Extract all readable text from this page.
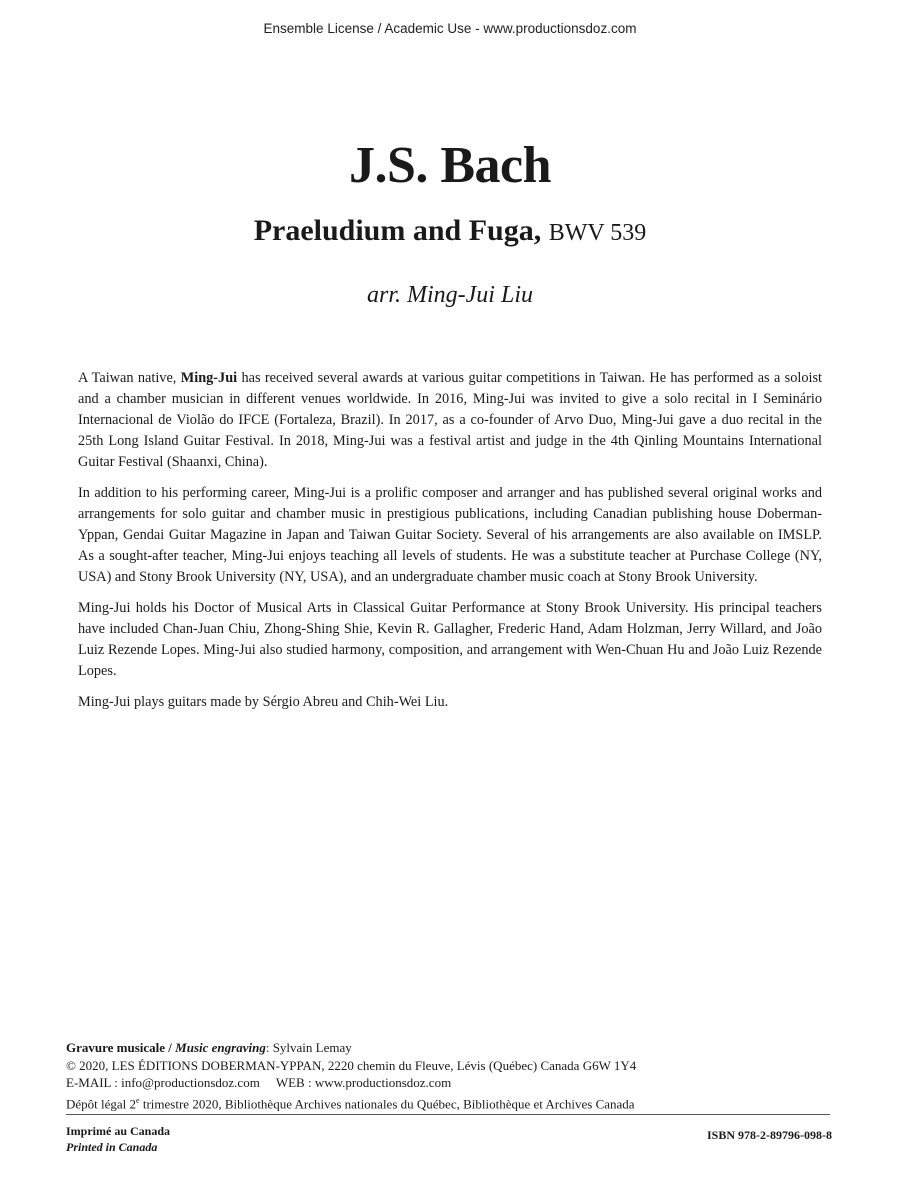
Ensemble License / Academic Use - www.productionsdoz.com
J.S. Bach
Praeludium and Fuga, BWV 539
arr. Ming-Jui Liu

A Taiwan native, Ming-Jui has received several awards at various guitar competitions in Taiwan. He has performed as a soloist and a chamber musician in different venues worldwide. In 2016, Ming-Jui was invited to give a solo recital in I Seminário Internacional de Violão do IFCE (Fortaleza, Brazil). In 2017, as a co-founder of Arvo Duo, Ming-Jui gave a duo recital in the 25th Long Island Guitar Festival. In 2018, Ming-Jui was a festival artist and judge in the 4th Qinling Mountains International Guitar Festival (Shaanxi, China).

In addition to his performing career, Ming-Jui is a prolific composer and arranger and has published several original works and arrangements for solo guitar and chamber music in prestigious publications, including Canadian publishing house Doberman-Yppan, Gendai Guitar Magazine in Japan and Taiwan Guitar Society. Several of his arrangements are also available on IMSLP. As a sought-after teacher, Ming-Jui enjoys teaching all levels of students. He was a substitute teacher at Purchase College (NY, USA) and Stony Brook University (NY, USA), and an undergraduate chamber music coach at Stony Brook University.

Ming-Jui holds his Doctor of Musical Arts in Classical Guitar Performance at Stony Brook University. His principal teachers have included Chan-Juan Chiu, Zhong-Shing Shie, Kevin R. Gallagher, Frederic Hand, Adam Holzman, Jerry Willard, and João Luiz Rezende Lopes. Ming-Jui also studied harmony, composition, and arrangement with Wen-Chuan Hu and João Luiz Rezende Lopes.

Ming-Jui plays guitars made by Sérgio Abreu and Chih-Wei Liu.

Gravure musicale / Music engraving: Sylvain Lemay
© 2020, LES ÉDITIONS DOBERMAN-YPPAN, 2220 chemin du Fleuve, Lévis (Québec) Canada G6W 1Y4
E-MAIL : info@productionsdoz.com WEB : www.productionsdoz.com
Dépôt légal 2e trimestre 2020, Bibliothèque Archives nationales du Québec, Bibliothèque et Archives Canada
Imprimé au Canada
Printed in Canada
ISBN 978-2-89796-098-8
